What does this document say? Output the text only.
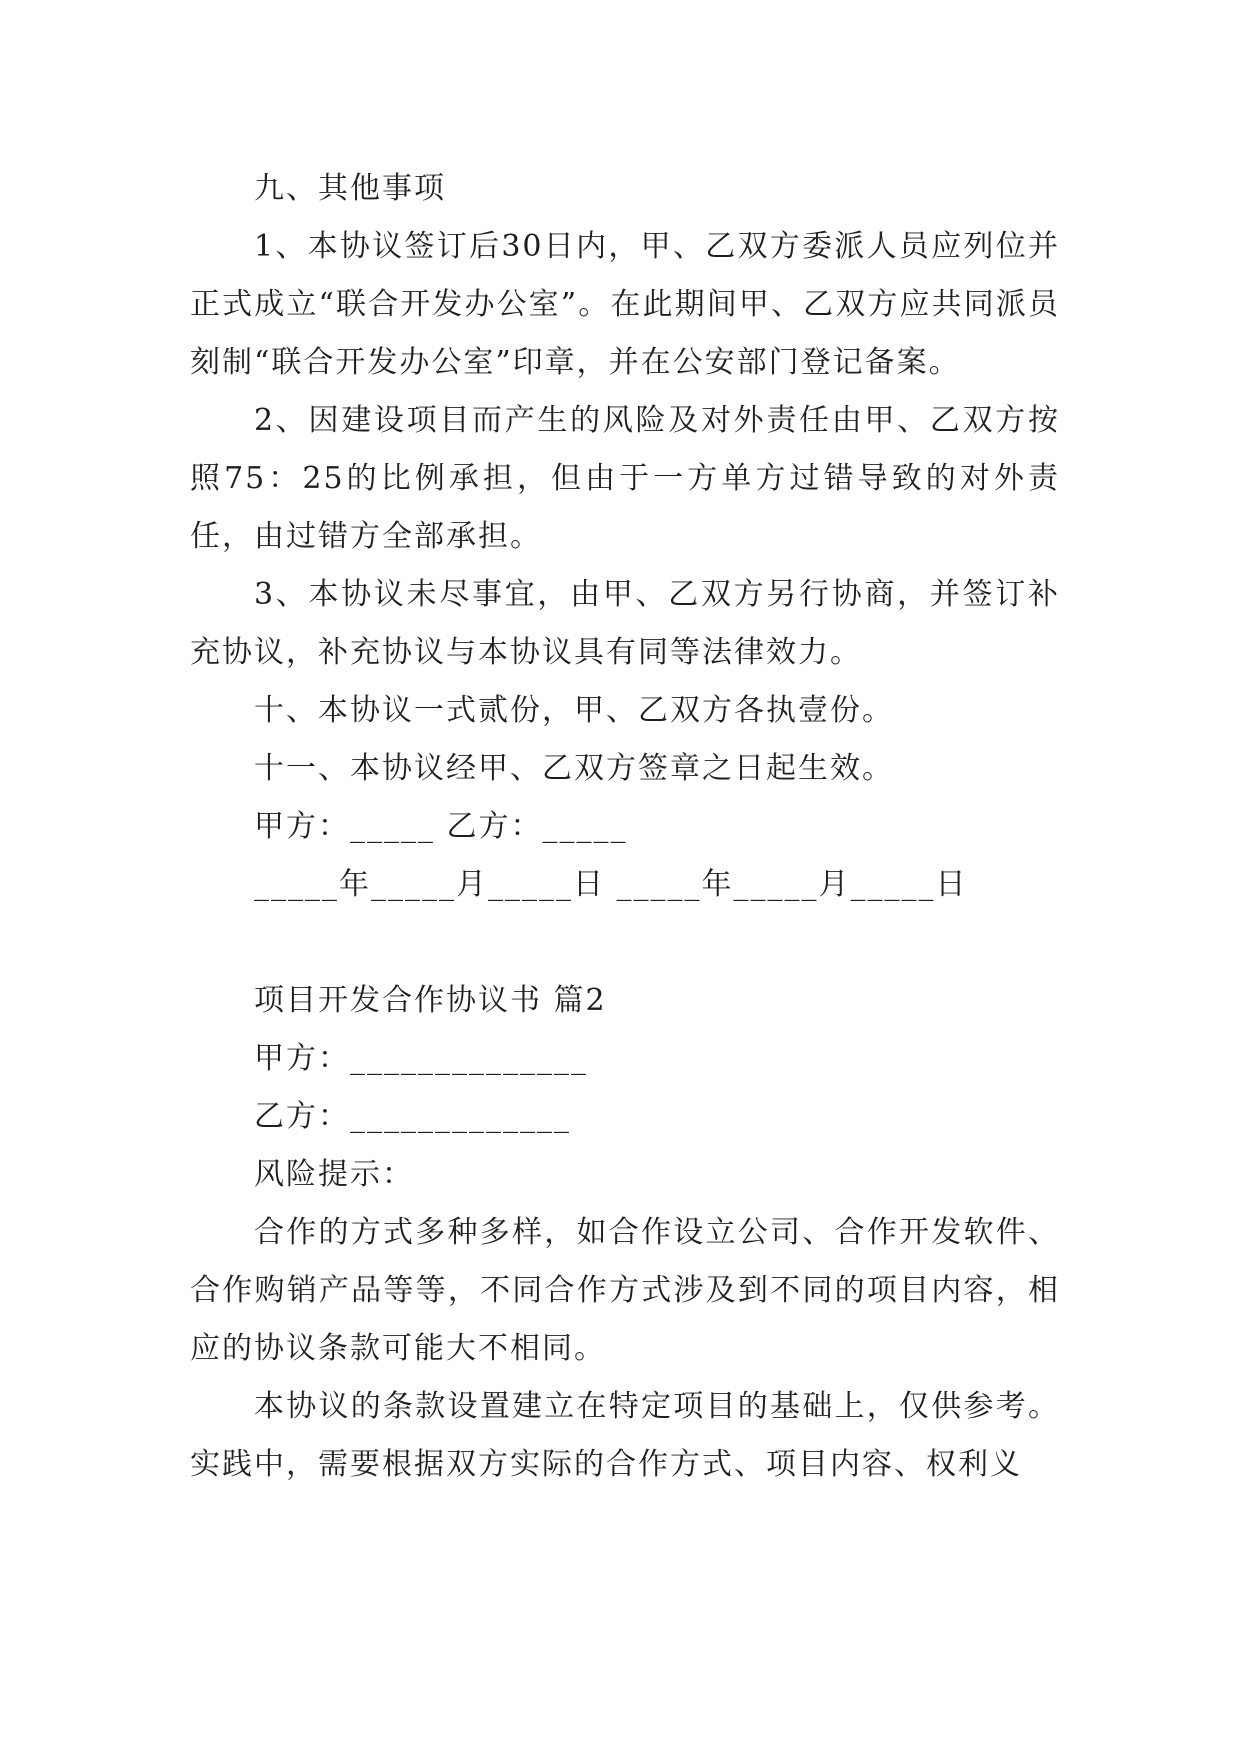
九、其他事项

1、本协议签订后30日内，甲、乙双方委派人员应列位并正式成立“联合开发办公室”。在此期间甲、乙双方应共同派员刻制“联合开发办公室”印章，并在公安部门登记备案。

2、因建设项目而产生的风险及对外责任由甲、乙双方按照75：25的比例承担，但由于一方单方过错导致的对外责任，由过错方全部承担。

3、本协议未尽事宜，由甲、乙双方另行协商，并签订补充协议，补充协议与本协议具有同等法律效力。

十、本协议一式贰份，甲、乙双方各执壹份。

十一、本协议经甲、乙双方签章之日起生效。

甲方：_____ 乙方：_____

_____年_____月_____日 _____年_____月_____日

项目开发合作协议书 篇2

甲方：______________

乙方：_____________

风险提示：

合作的方式多种多样，如合作设立公司、合作开发软件、合作购销产品等等，不同合作方式涉及到不同的项目内容，相应的协议条款可能大不相同。

本协议的条款设置建立在特定项目的基础上，仅供参考。实践中，需要根据双方实际的合作方式、项目内容、权利义
